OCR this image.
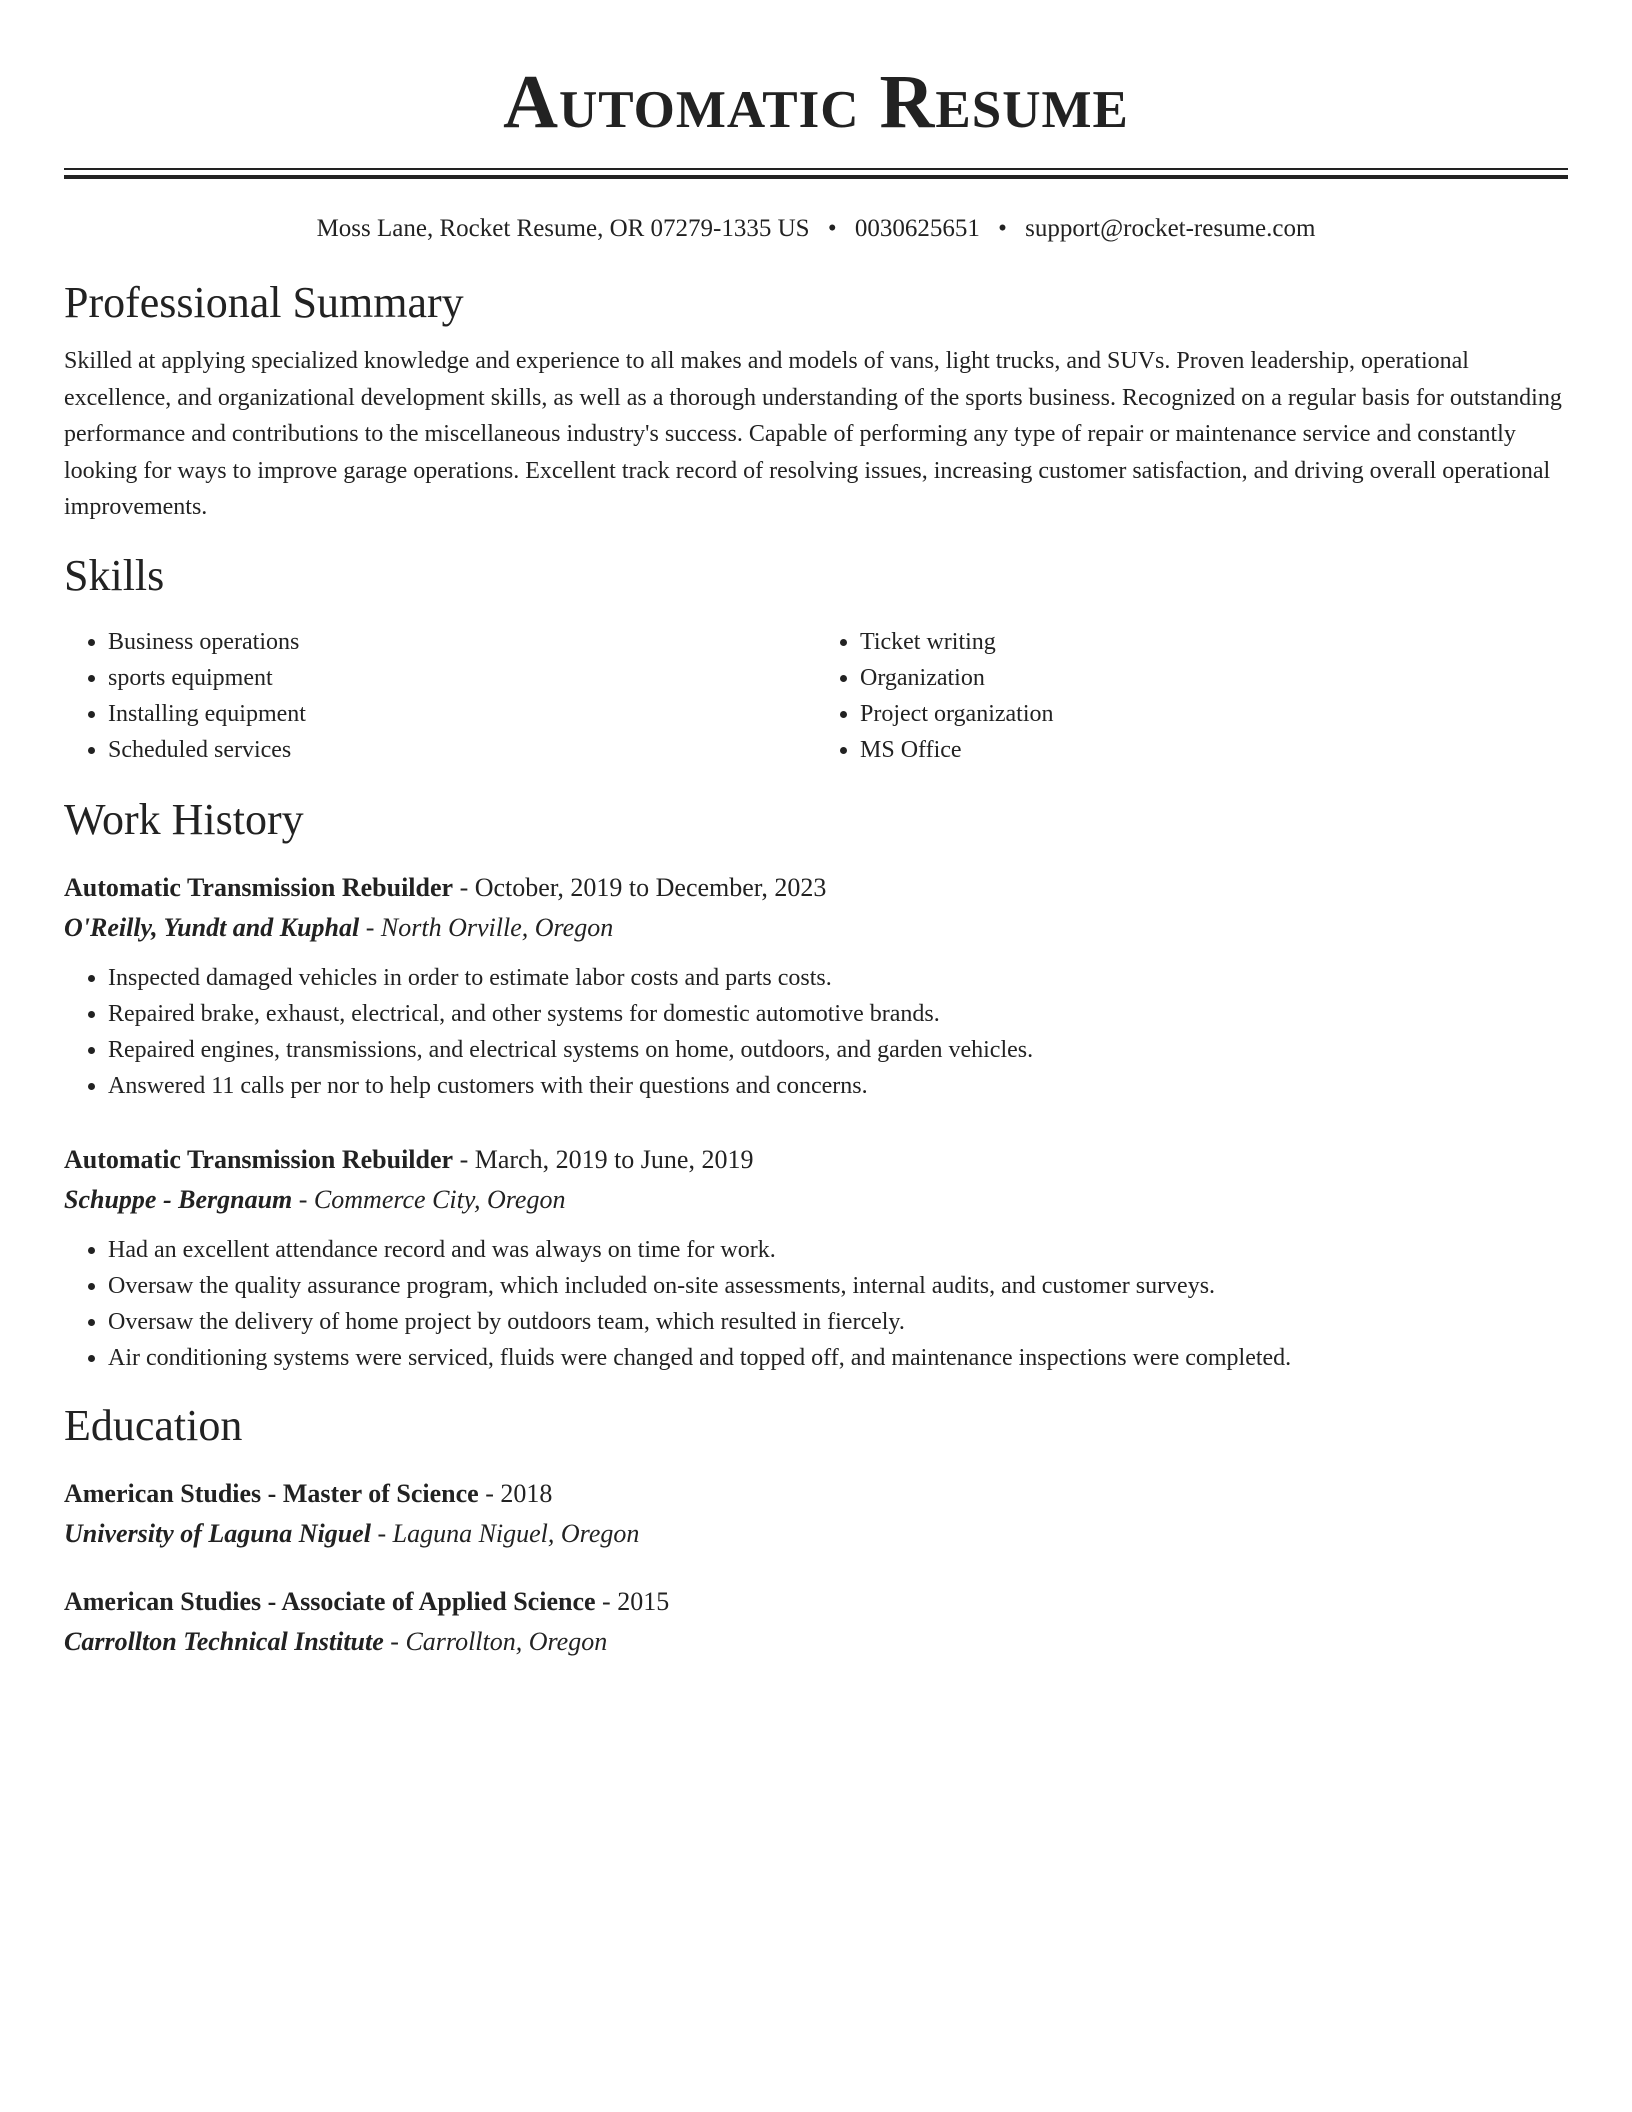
Automatic Resume
Moss Lane, Rocket Resume, OR 07279-1335 US • 0030625651 • support@rocket-resume.com
Professional Summary

Skilled at applying specialized knowledge and experience to all makes and models of vans, light trucks, and SUVs. Proven leadership, operational excellence, and organizational development skills, as well as a thorough understanding of the sports business. Recognized on a regular basis for outstanding performance and contributions to the miscellaneous industry's success. Capable of performing any type of repair or maintenance service and constantly looking for ways to improve garage operations. Excellent track record of resolving issues, increasing customer satisfaction, and driving overall operational improvements.

Skills
• Business operations
• sports equipment
• Installing equipment
• Scheduled services
• Ticket writing
• Organization
• Project organization
• MS Office
Work History
Automatic Transmission Rebuilder - October, 2019 to December, 2023
O'Reilly, Yundt and Kuphal - North Orville, Oregon
• Inspected damaged vehicles in order to estimate labor costs and parts costs.
• Repaired brake, exhaust, electrical, and other systems for domestic automotive brands.
• Repaired engines, transmissions, and electrical systems on home, outdoors, and garden vehicles.
• Answered 11 calls per nor to help customers with their questions and concerns.
Automatic Transmission Rebuilder - March, 2019 to June, 2019
Schuppe - Bergnaum - Commerce City, Oregon
• Had an excellent attendance record and was always on time for work.
• Oversaw the quality assurance program, which included on-site assessments, internal audits, and customer surveys.
• Oversaw the delivery of home project by outdoors team, which resulted in fiercely.
• Air conditioning systems were serviced, fluids were changed and topped off, and maintenance inspections were completed.
Education
American Studies - Master of Science - 2018
University of Laguna Niguel - Laguna Niguel, Oregon
American Studies - Associate of Applied Science - 2015
Carrollton Technical Institute - Carrollton, Oregon
